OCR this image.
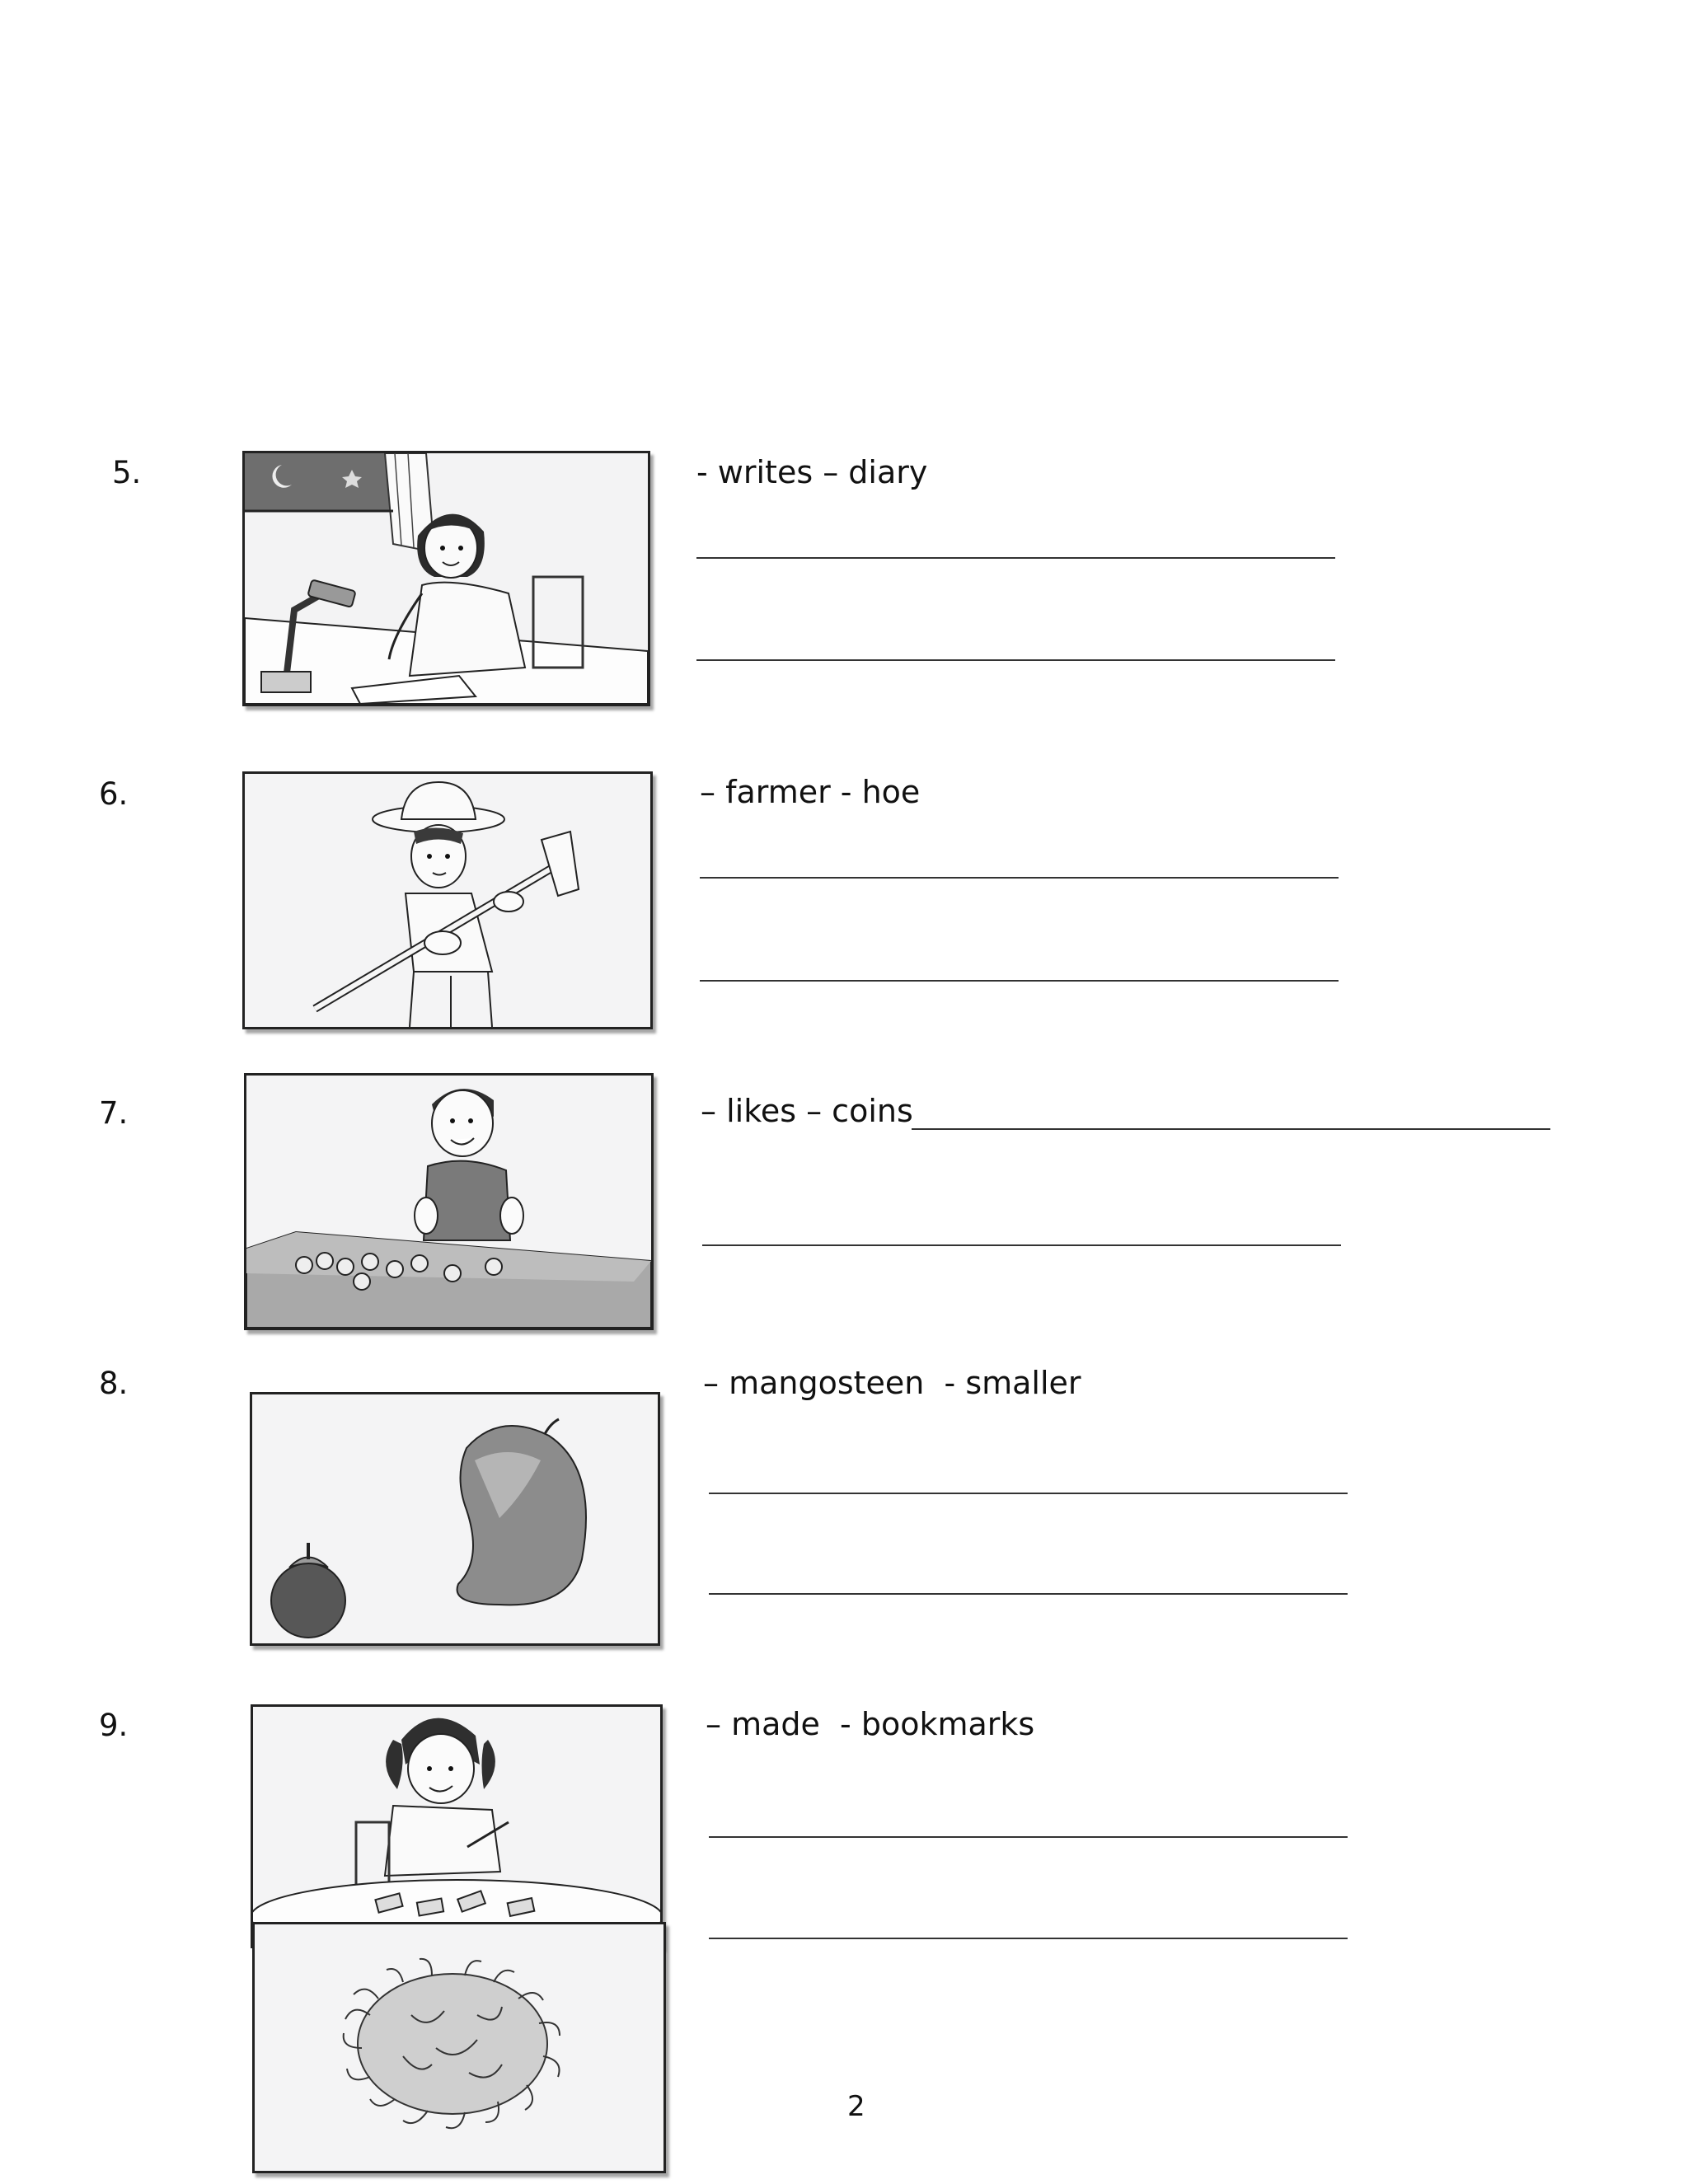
5.	- writes – diary
6.	– farmer - hoe
7.	– likes – coins
8.	– mangosteen  - smaller
9.	– made  - bookmarks
2
